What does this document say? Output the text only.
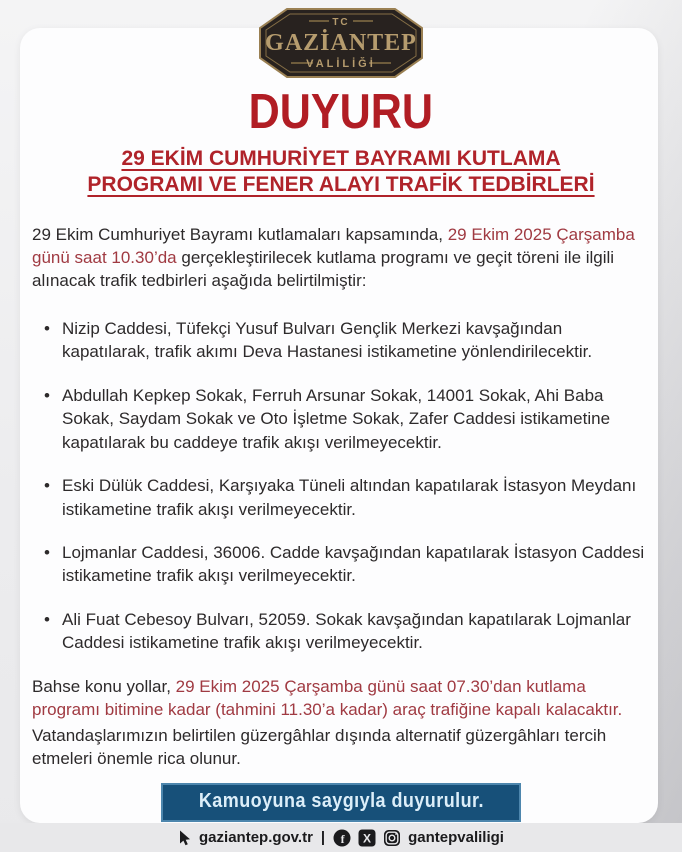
TC
GAZİANTEP
VALİLİĞİ
DUYURU
29 EKİM CUMHURİYET BAYRAMI KUTLAMA
PROGRAMI VE FENER ALAYI TRAFİK TEDBİRLERİ

29 Ekim Cumhuriyet Bayramı kutlamaları kapsamında, 29 Ekim 2025 Çarşamba günü saat 10.30’da gerçekleştirilecek kutlama programı ve geçit töreni ile ilgili alınacak trafik tedbirleri aşağıda belirtilmiştir:

• Nizip Caddesi, Tüfekçi Yusuf Bulvarı Gençlik Merkezi kavşağından kapatılarak, trafik akımı Deva Hastanesi istikametine yönlendirilecektir.
• Abdullah Kepkep Sokak, Ferruh Arsunar Sokak, 14001 Sokak, Ahi Baba Sokak, Saydam Sokak ve Oto İşletme Sokak, Zafer Caddesi istikametine kapatılarak bu caddeye trafik akışı verilmeyecektir.
• Eski Dülük Caddesi, Karşıyaka Tüneli altından kapatılarak İstasyon Meydanı istikametine trafik akışı verilmeyecektir.
• Lojmanlar Caddesi, 36006. Cadde kavşağından kapatılarak İstasyon Caddesi istikametine trafik akışı verilmeyecektir.
• Ali Fuat Cebesoy Bulvarı, 52059. Sokak kavşağından kapatılarak Lojmanlar Caddesi istikametine trafik akışı verilmeyecektir.

Bahse konu yollar, 29 Ekim 2025 Çarşamba günü saat 07.30’dan kutlama programı bitimine kadar (tahmini 11.30’a kadar) araç trafiğine kapalı kalacaktır.

Vatandaşlarımızın belirtilen güzergâhlar dışında alternatif güzergâhları tercih etmeleri önemle rica olunur.

Kamuoyuna saygıyla duyurulur.
gaziantep.gov.tr | f X gantepvaliligi
